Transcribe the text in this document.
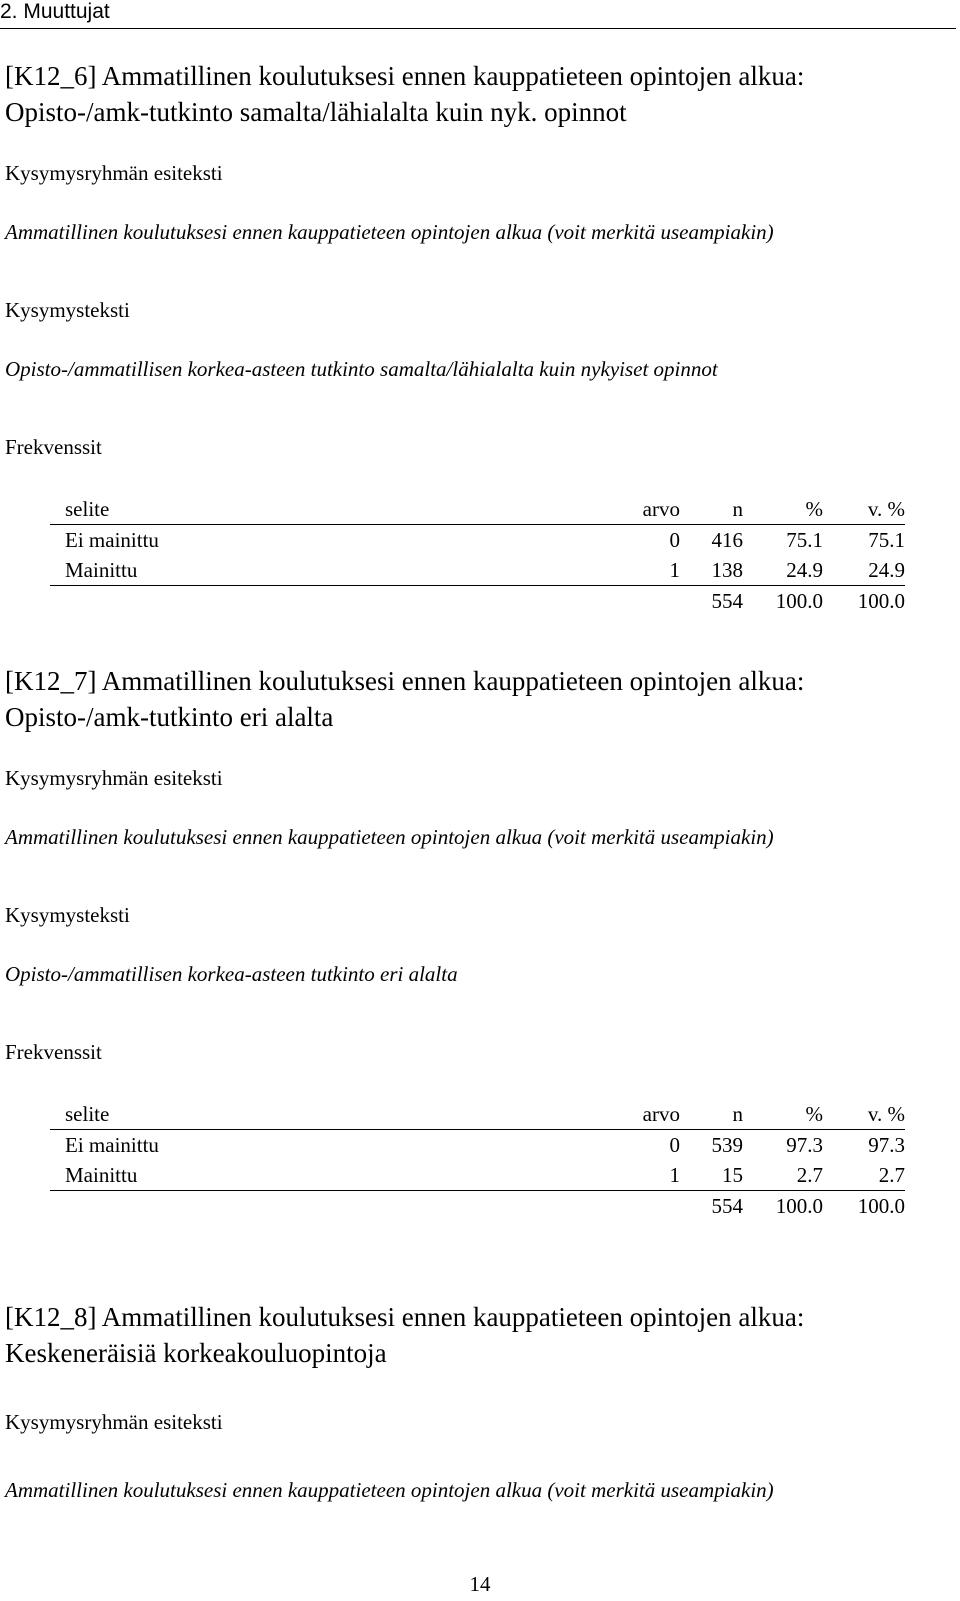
2. Muuttujat
[K12_6] Ammatillinen koulutuksesi ennen kauppatieteen opintojen alkua: Opisto-/amk-tutkinto samalta/lähialalta kuin nyk. opinnot
Kysymysryhmän esiteksti
Ammatillinen koulutuksesi ennen kauppatieteen opintojen alkua (voit merkitä useampiakin)
Kysymysteksti
Opisto-/ammatillisen korkea-asteen tutkinto samalta/lähialalta kuin nykyiset opinnot
Frekvenssit
selite	arvo	n	%	v. %
Ei mainittu	0	416	75.1	75.1
Mainittu	1	138	24.9	24.9
		554	100.0	100.0
[K12_7] Ammatillinen koulutuksesi ennen kauppatieteen opintojen alkua: Opisto-/amk-tutkinto eri alalta
Kysymysryhmän esiteksti
Ammatillinen koulutuksesi ennen kauppatieteen opintojen alkua (voit merkitä useampiakin)
Kysymysteksti
Opisto-/ammatillisen korkea-asteen tutkinto eri alalta
Frekvenssit
selite	arvo	n	%	v. %
Ei mainittu	0	539	97.3	97.3
Mainittu	1	15	2.7	2.7
		554	100.0	100.0
[K12_8] Ammatillinen koulutuksesi ennen kauppatieteen opintojen alkua: Keskeneräisiä korkeakouluopintoja
Kysymysryhmän esiteksti
Ammatillinen koulutuksesi ennen kauppatieteen opintojen alkua (voit merkitä useampiakin)
14
